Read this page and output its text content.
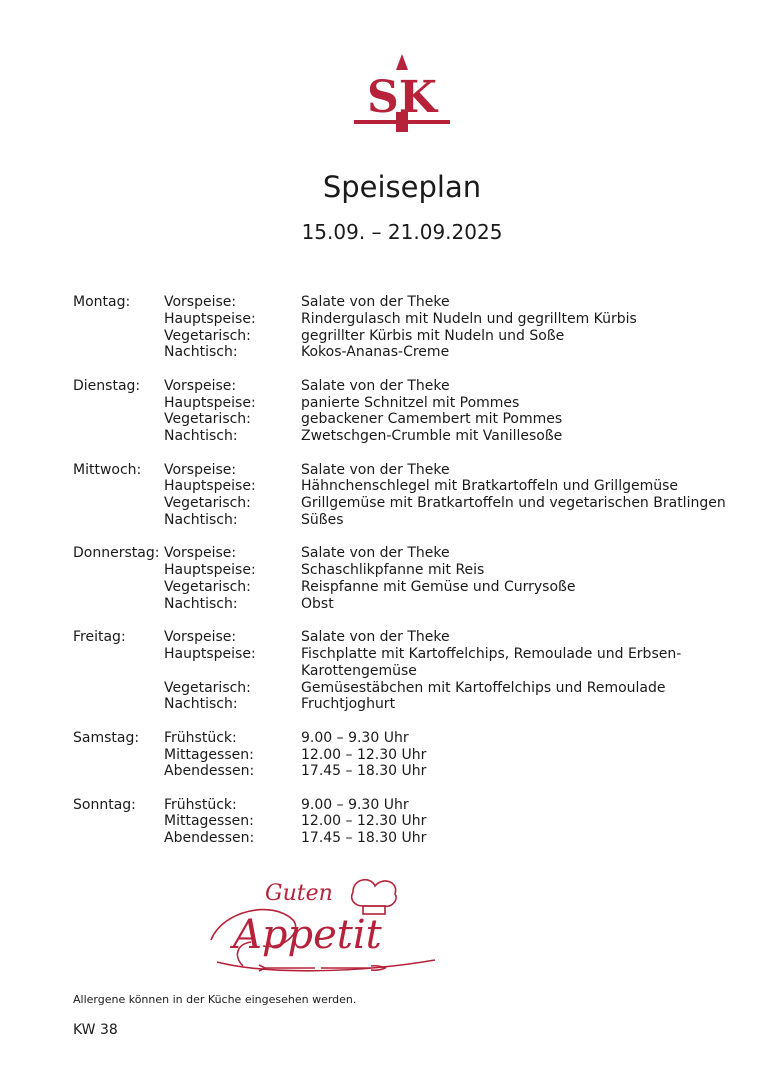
SK
Speiseplan
15.09. – 21.09.2025
Montag: Vorspeise:	Salate von der Theke
Hauptspeise:	Rindergulasch mit Nudeln und gegrilltem Kürbis
Vegetarisch:	gegrillter Kürbis mit Nudeln und Soße
Nachtisch:	Kokos-Ananas-Creme
Dienstag: Vorspeise:	Salate von der Theke
Hauptspeise:	panierte Schnitzel mit Pommes
Vegetarisch:	gebackener Camembert mit Pommes
Nachtisch:	Zwetschgen-Crumble mit Vanillesoße
Mittwoch: Vorspeise:	Salate von der Theke
Hauptspeise:	Hähnchenschlegel mit Bratkartoffeln und Grillgemüse
Vegetarisch:	Grillgemüse mit Bratkartoffeln und vegetarischen Bratlingen
Nachtisch:	Süßes
Donnerstag: Vorspeise:	Salate von der Theke
Hauptspeise:	Schaschlikpfanne mit Reis
Vegetarisch:	Reispfanne mit Gemüse und Currysoße
Nachtisch:	Obst
Freitag:	Vorspeise:	Salate von der Theke
Hauptspeise:	Fischplatte mit Kartoffelchips, Remoulade und Erbsen-
Karottengemüse
Vegetarisch:	Gemüsestäbchen mit Kartoffelchips und Remoulade
Nachtisch:	Fruchtjoghurt
Samstag: Frühstück:	9.00 – 9.30 Uhr
Mittagessen:	12.00 – 12.30 Uhr
Abendessen:	17.45 – 18.30 Uhr
Sonntag: Frühstück:	9.00 – 9.30 Uhr
Mittagessen:	12.00 – 12.30 Uhr
Abendessen:	17.45 – 18.30 Uhr
Guten
Appetit
Allergene können in der Küche eingesehen werden.
KW 38
